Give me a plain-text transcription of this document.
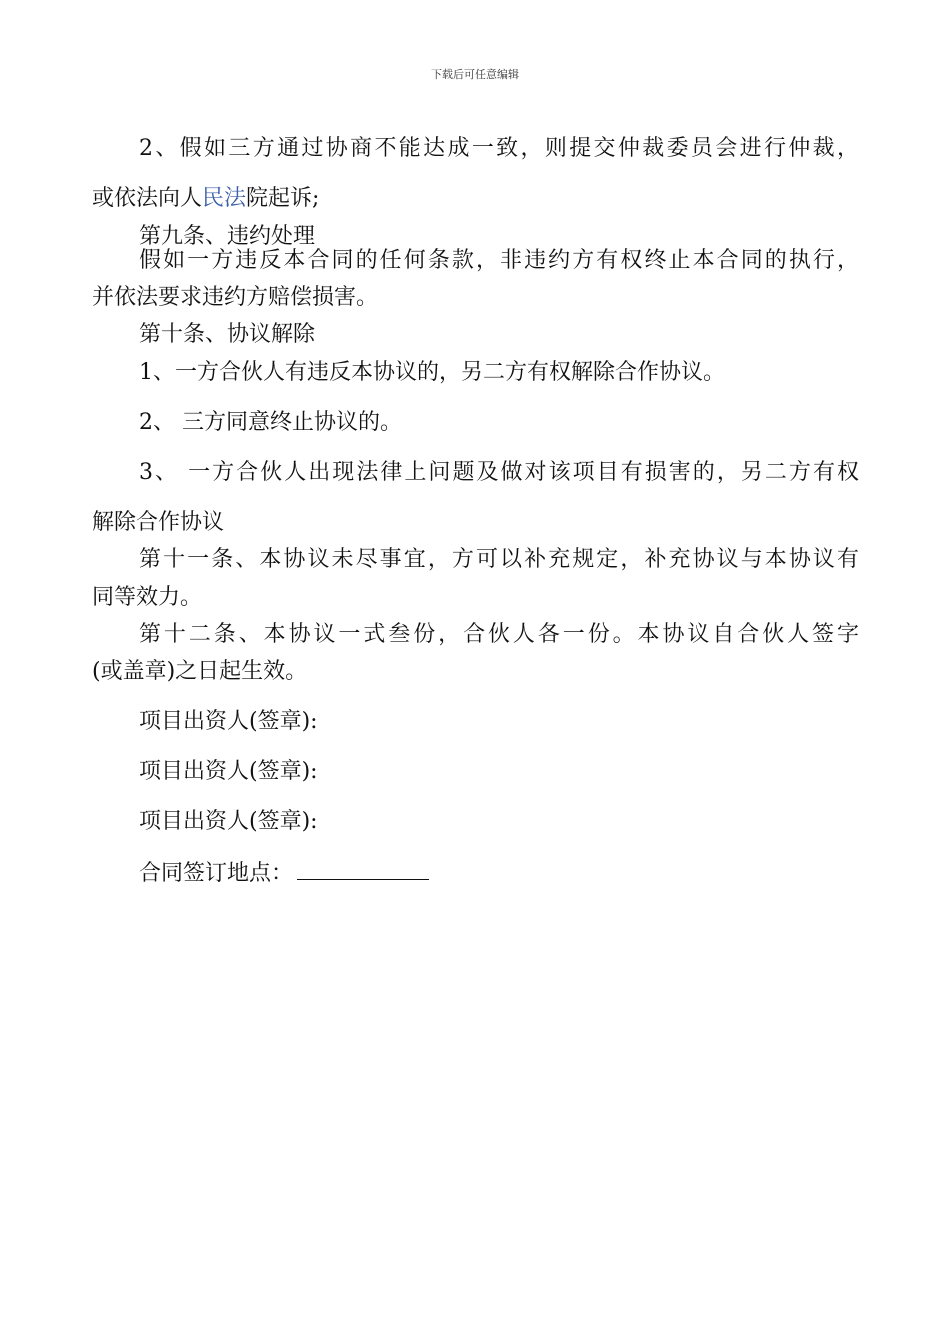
下载后可任意编辑
2、假如三方通过协商不能达成一致，则提交仲裁委员会进行仲裁，
或依法向人民法院起诉;
第九条、违约处理
假如一方违反本合同的任何条款，非违约方有权终止本合同的执行，
并依法要求违约方赔偿损害。
第十条、协议解除
1、一方合伙人有违反本协议的，另二方有权解除合作协议。
2、 三方同意终止协议的。
3、 一方合伙人出现法律上问题及做对该项目有损害的，另二方有权
解除合作协议
第十一条、本协议未尽事宜，方可以补充规定，补充协议与本协议有
同等效力。
第十二条、本协议一式叁份，合伙人各一份。本协议自合伙人签字
(或盖章)之日起生效。
项目出资人(签章):
项目出资人(签章):
项目出资人(签章):
合同签订地点：
